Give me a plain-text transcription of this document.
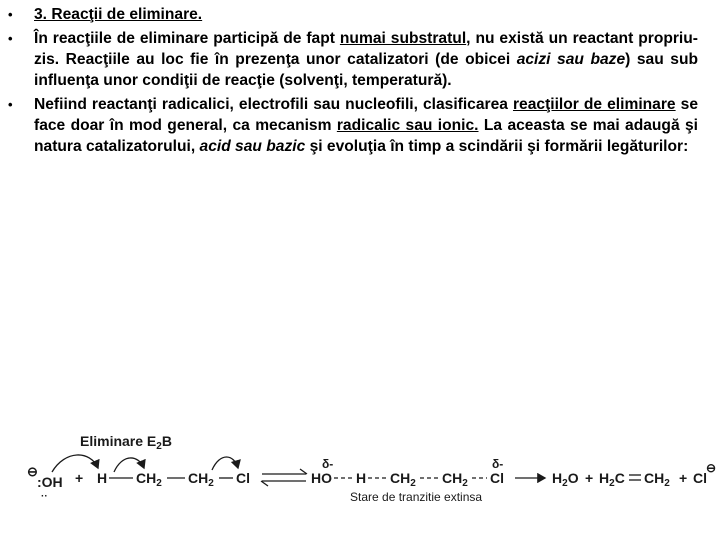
•	3. Reacţii de eliminare.
•	În reacţiile de eliminare participă de fapt numai substratul, nu există un reactant propriu-zis. Reacţiile au loc fie în prezenţa unor catalizatori (de obicei acizi sau baze) sau sub influenţa unor condiţii de reacţie (solvenţi, temperatură).
•	Nefiind reactanţi radicalici, electrofili sau nucleofili, clasificarea reacţiilor de eliminare se face doar în mod general, ca mecanism radicalic sau ionic. La aceasta se mai adaugă şi natura catalizatorului, acid sau bazic şi evoluţia în timp a scindării şi formării legăturilor:
Eliminare $E_2B$
⊖
:OH
··
+ H $CH_2$ $CH_2$ Cl
δ-
HO H $CH_2$ $CH_2$
δ-
Cl
Stare de tranzitie extinsa
$H_2O + H_2C$ $CH_2 + Cl$
⊖
